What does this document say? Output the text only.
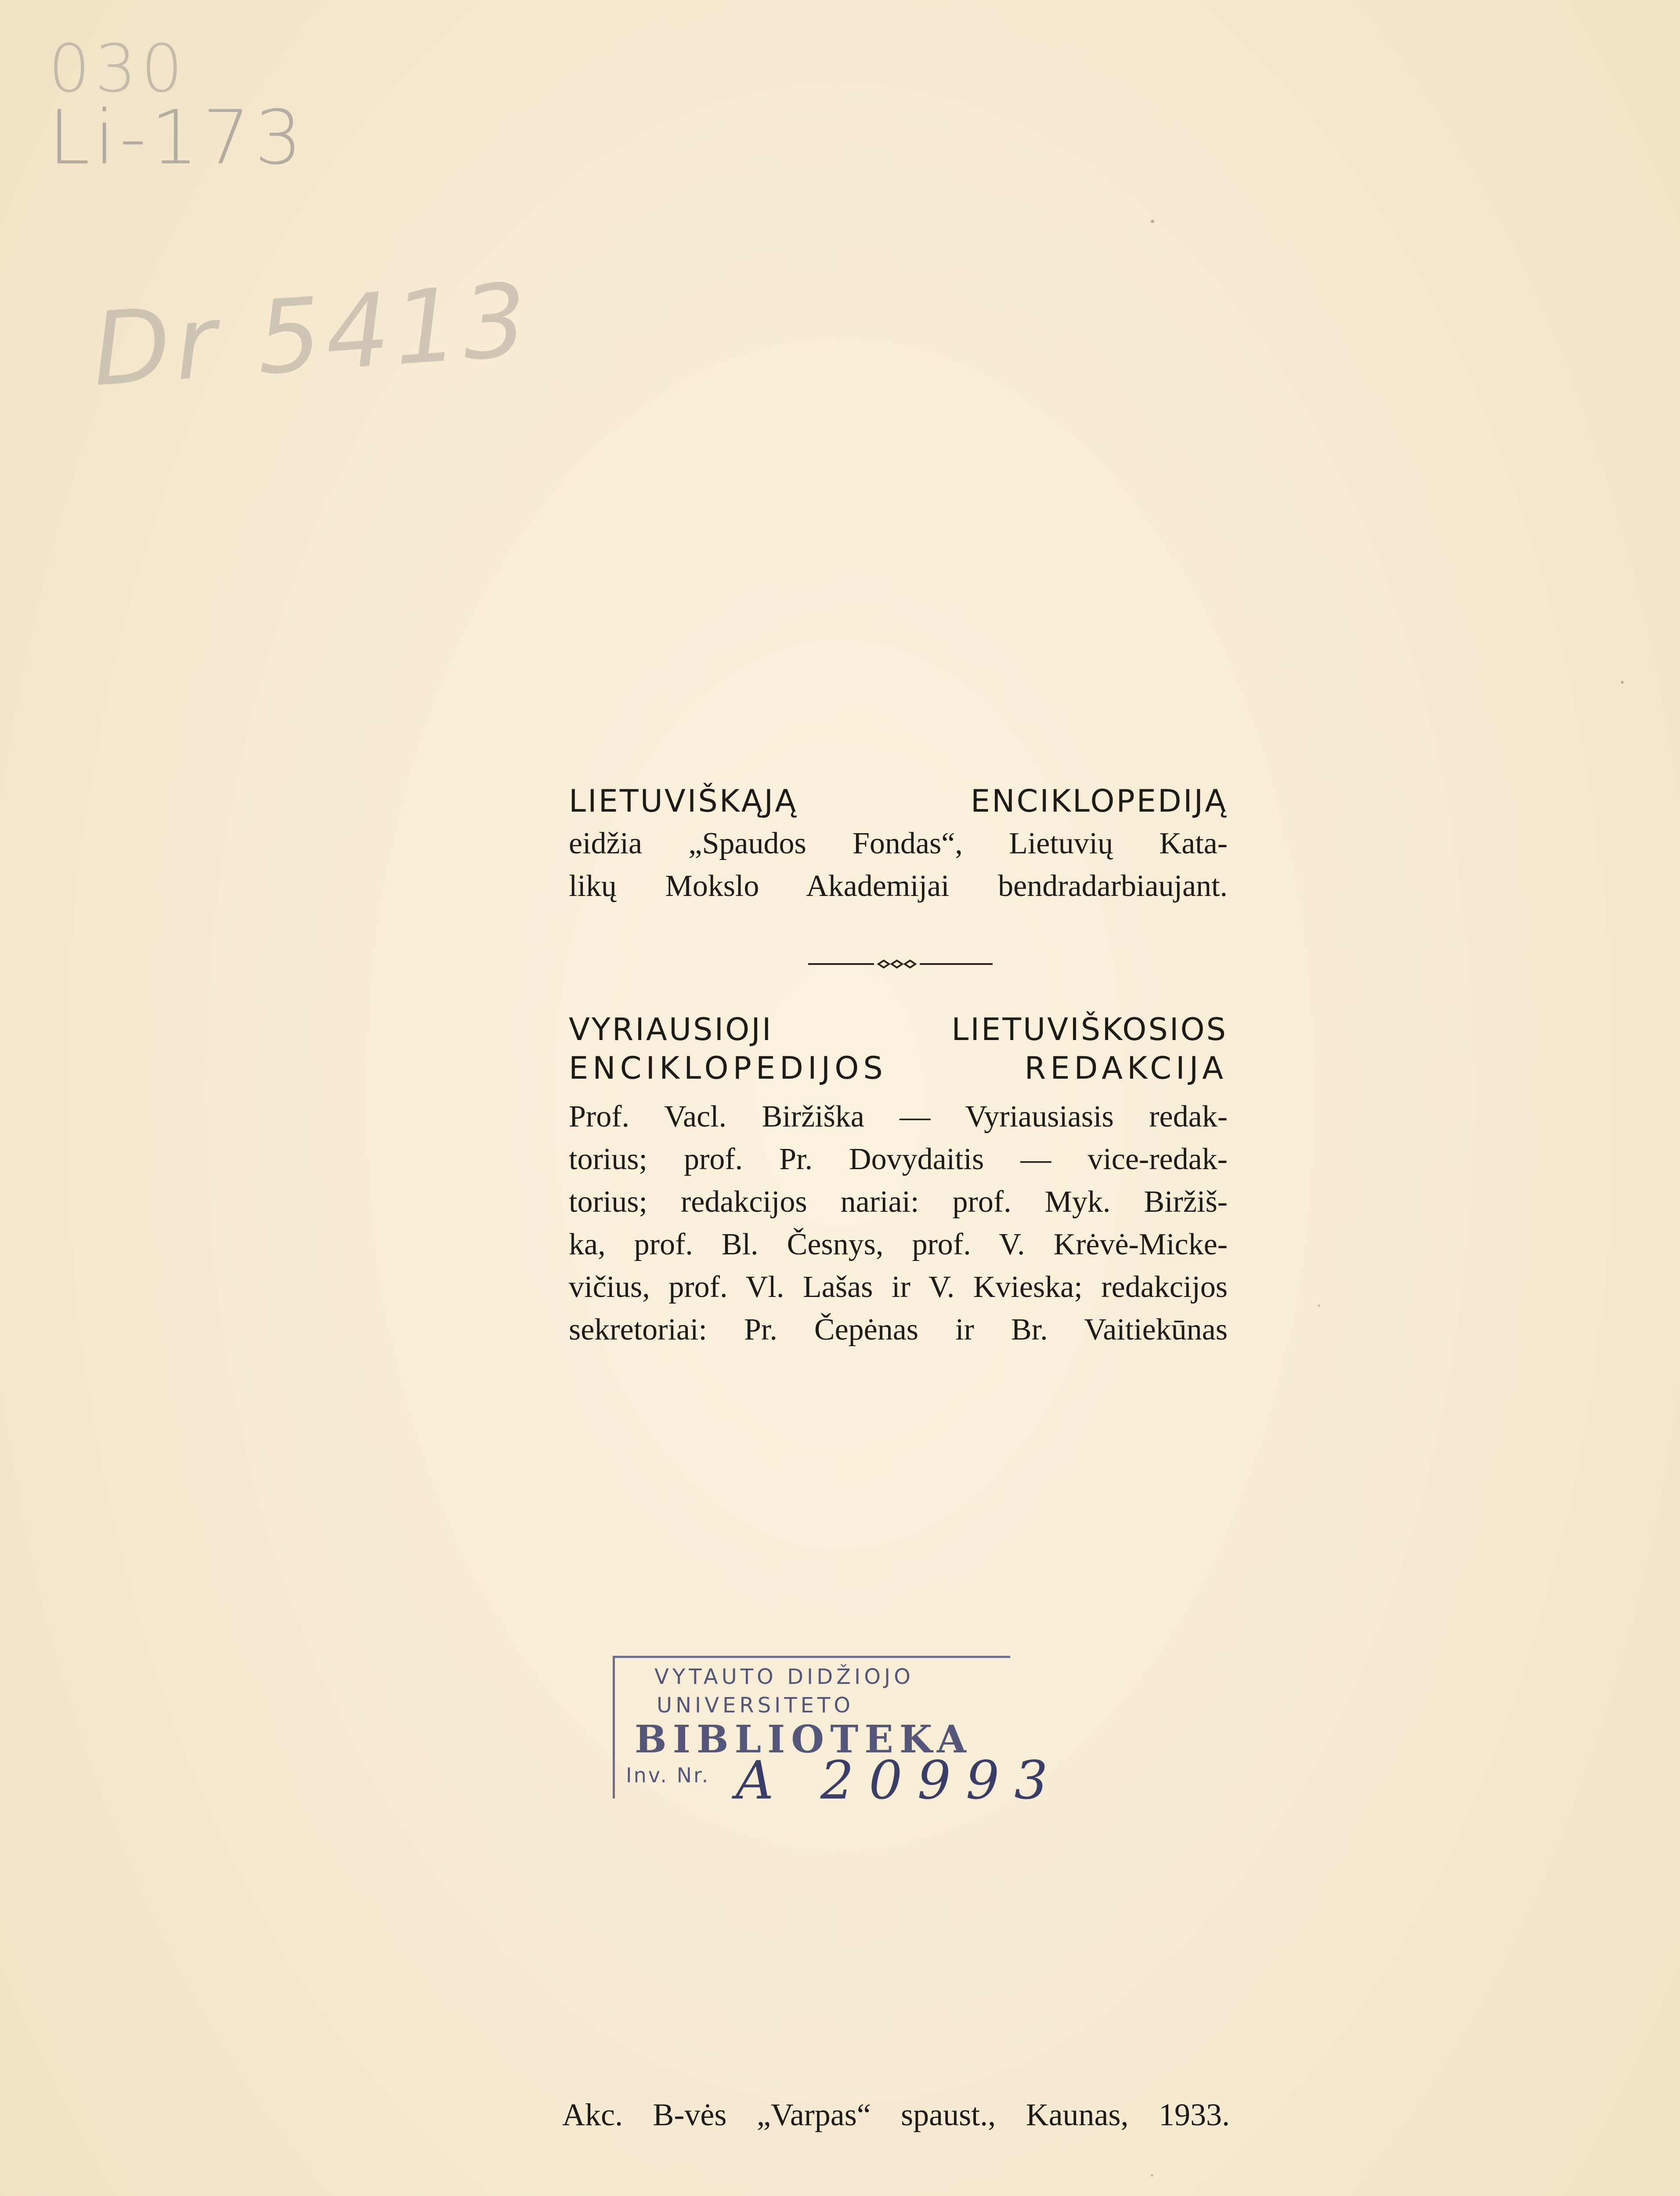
030
Li-173
Dr 5413

LIETUVIŠKĄJĄ ENCIKLOPEDIJĄ

eidžia „Spaudos Fondas“, Lietuvių Kata-

likų Mokslo Akademijai bendradarbiaujant.

VYRIAUSIOJI LIETUVIŠKOSIOS

ENCIKLOPEDIJOS REDAKCIJA

Prof. Vacl. Biržiška — Vyriausiasis redak-

torius; prof. Pr. Dovydaitis — vice-redak-

torius; redakcijos nariai: prof. Myk. Biržiš-

ka, prof. Bl. Česnys, prof. V. Krėvė-Micke-

vičius, prof. Vl. Lašas ir V. Kvieska; redakcijos

sekretoriai: Pr. Čepėnas ir Br. Vaitiekūnas

VYTAUTO DIDŽIOJO
UNIVERSITETO
BIBLIOTEKA
Inv. Nr. A 20993

Akc. B-vės „Varpas“ spaust., Kaunas, 1933.
